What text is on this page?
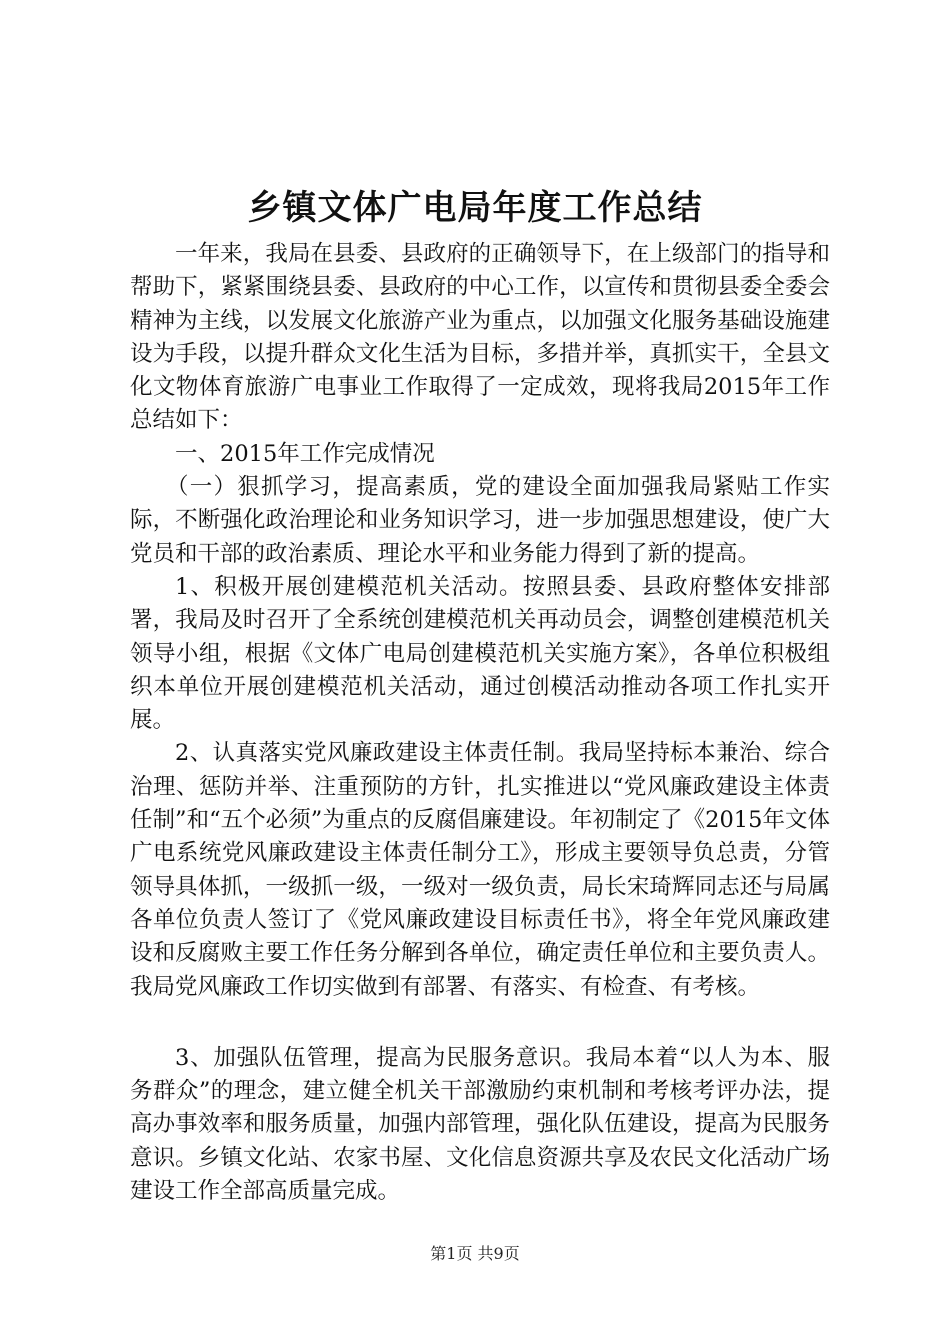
乡镇文体广电局年度工作总结

一年来，我局在县委、县政府的正确领导下，在上级部门的指导和帮助下，紧紧围绕县委、县政府的中心工作，以宣传和贯彻县委全委会精神为主线，以发展文化旅游产业为重点，以加强文化服务基础设施建设为手段，以提升群众文化生活为目标，多措并举，真抓实干，全县文化文物体育旅游广电事业工作取得了一定成效，现将我局2015年工作总结如下：

一、2015年工作完成情况

（一）狠抓学习，提高素质，党的建设全面加强我局紧贴工作实际，不断强化政治理论和业务知识学习，进一步加强思想建设，使广大党员和干部的政治素质、理论水平和业务能力得到了新的提高。

1、积极开展创建模范机关活动。按照县委、县政府整体安排部署，我局及时召开了全系统创建模范机关再动员会，调整创建模范机关领导小组，根据《文体广电局创建模范机关实施方案》，各单位积极组织本单位开展创建模范机关活动，通过创模活动推动各项工作扎实开展。

2、认真落实党风廉政建设主体责任制。我局坚持标本兼治、综合治理、惩防并举、注重预防的方针，扎实推进以“党风廉政建设主体责任制”和“五个必须”为重点的反腐倡廉建设。年初制定了《2015年文体广电系统党风廉政建设主体责任制分工》，形成主要领导负总责，分管领导具体抓，一级抓一级，一级对一级负责，局长宋琦辉同志还与局属各单位负责人签订了《党风廉政建设目标责任书》，将全年党风廉政建设和反腐败主要工作任务分解到各单位，确定责任单位和主要负责人。我局党风廉政工作切实做到有部署、有落实、有检查、有考核。

3、加强队伍管理，提高为民服务意识。我局本着“以人为本、服务群众”的理念，建立健全机关干部激励约束机制和考核考评办法，提高办事效率和服务质量，加强内部管理，强化队伍建设，提高为民服务意识。乡镇文化站、农家书屋、文化信息资源共享及农民文化活动广场建设工作全部高质量完成。

第1页 共9页
